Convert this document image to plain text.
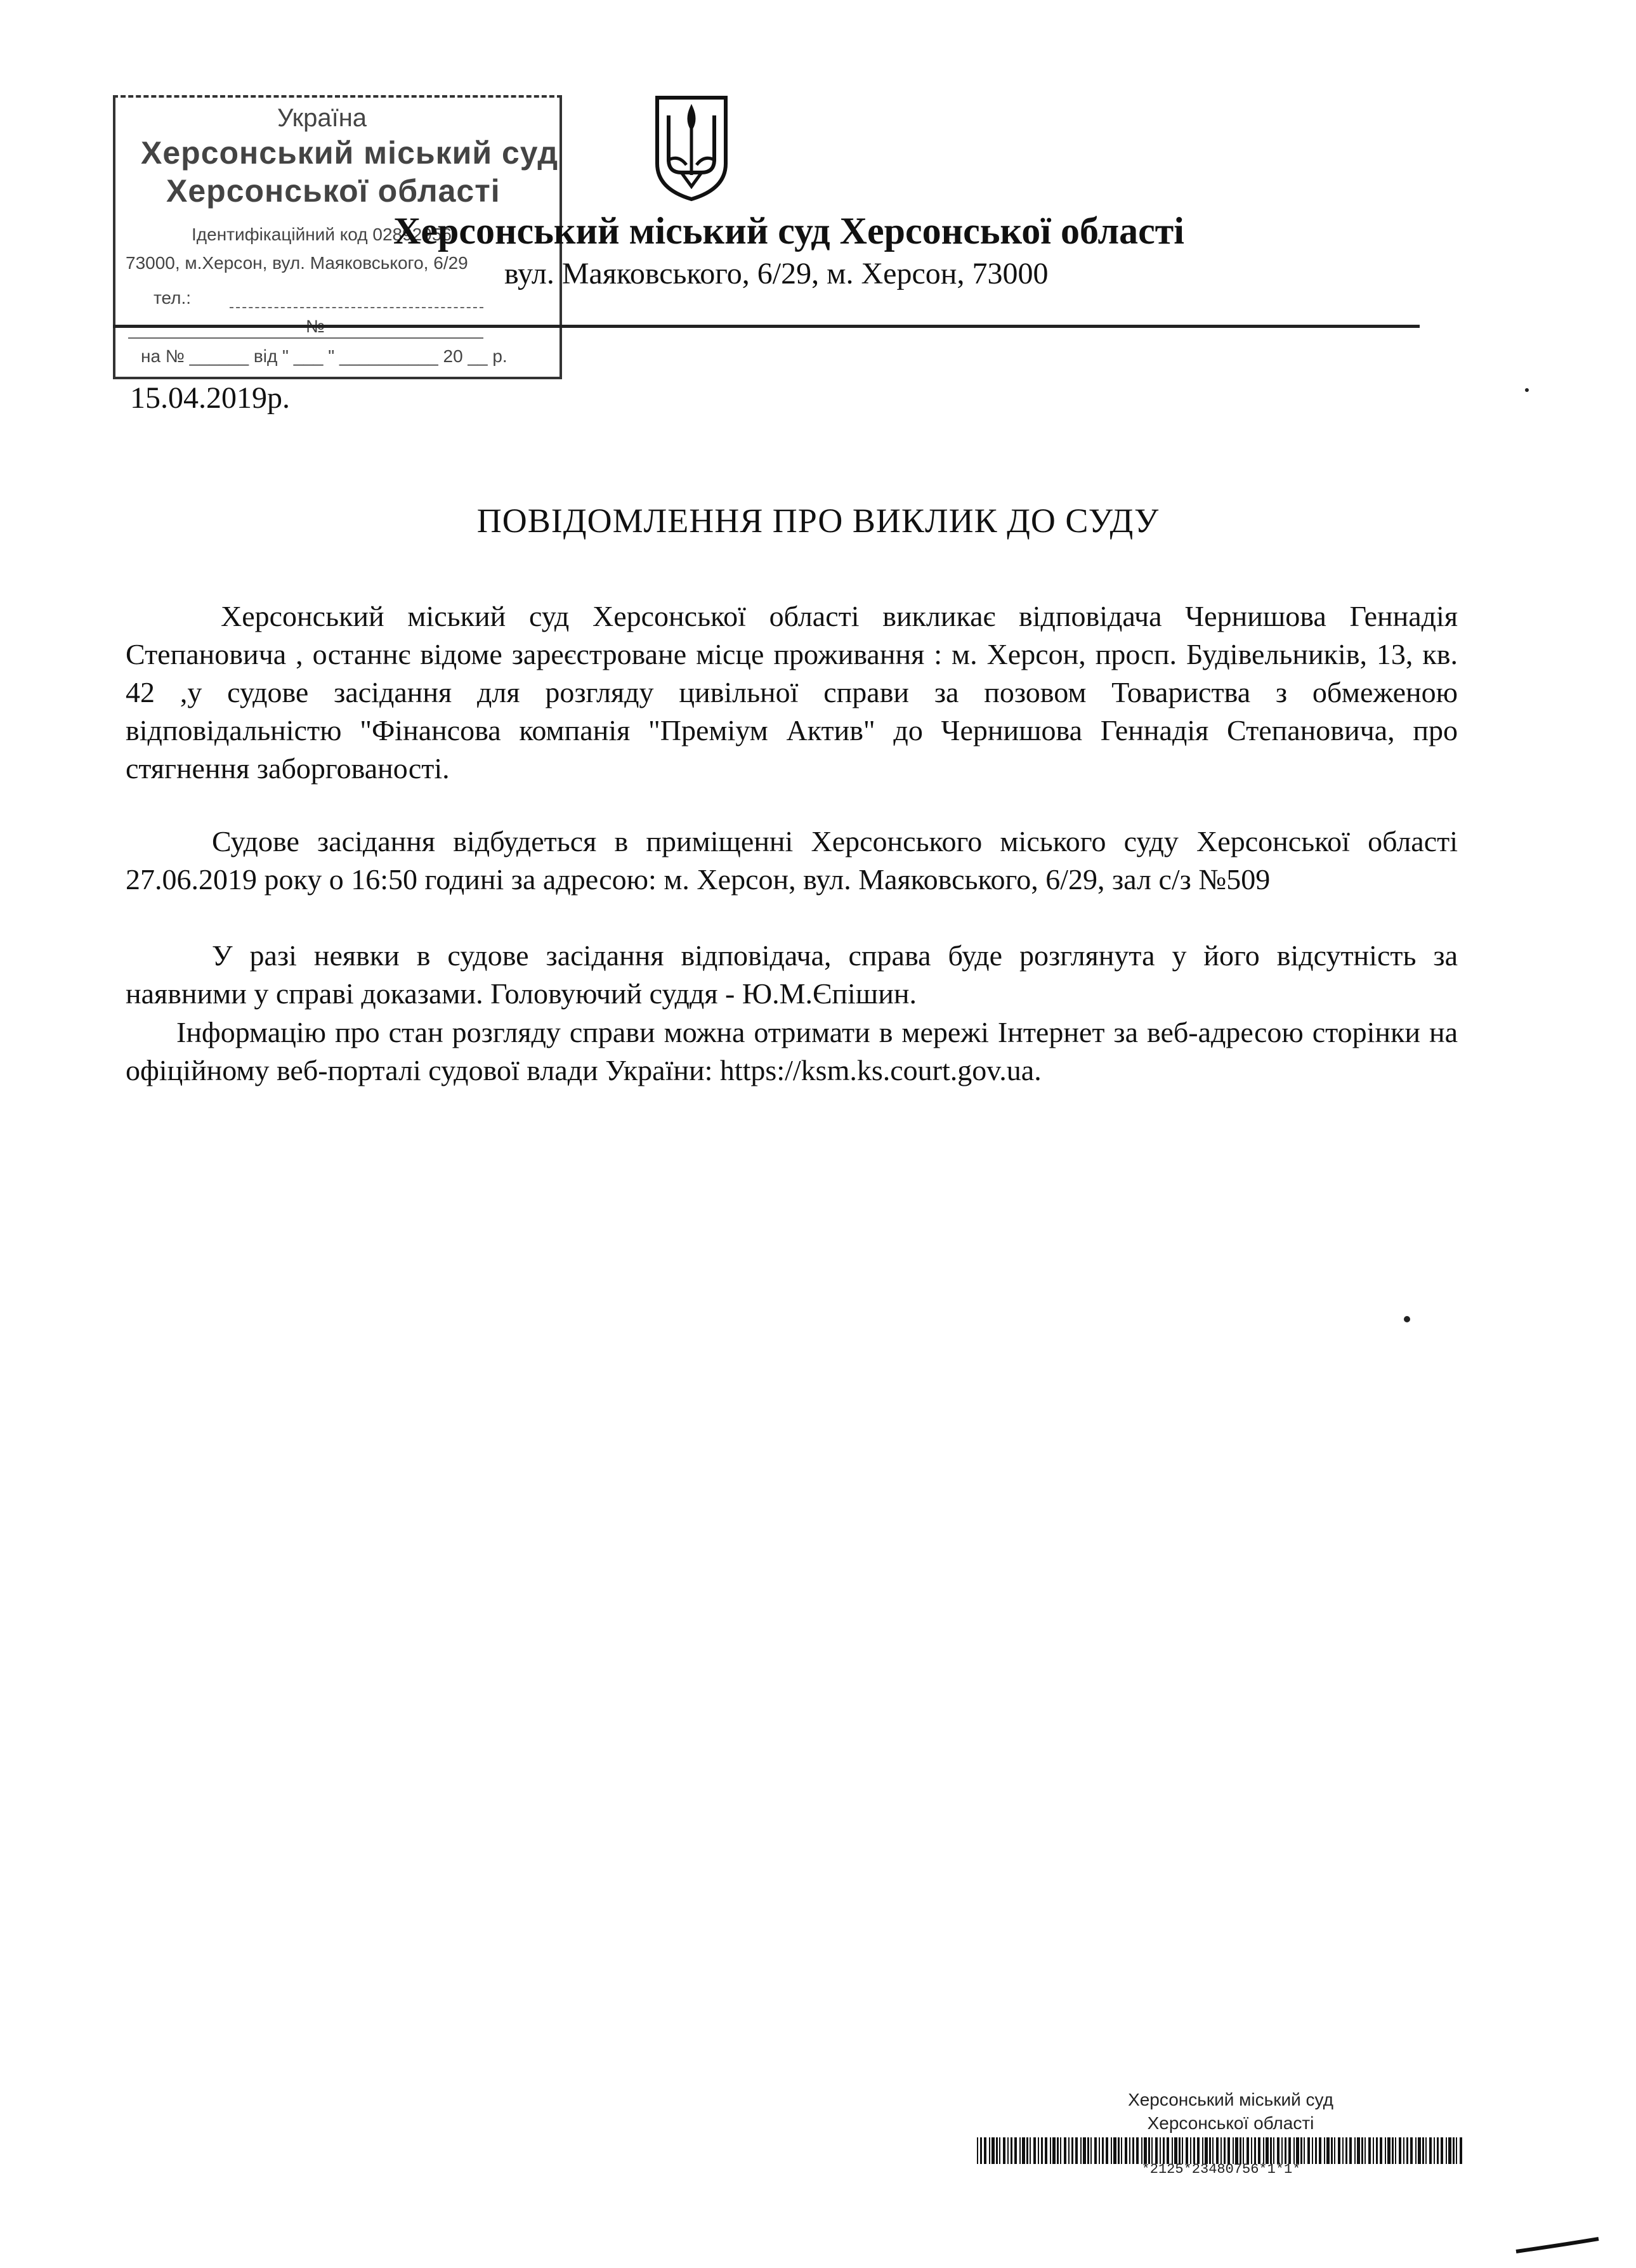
Україна
Херсонський міський суд
Херсонської області
Ідентифікаційний код 02892956
73000, м.Херсон, вул. Маяковського, 6/29
тел.:
№
на № ______ від " ___ " __________ 20 __ р.
Херсонський міський суд Херсонської області
вул. Маяковського, 6/29, м. Херсон, 73000
15.04.2019р.
ПОВІДОМЛЕННЯ ПРО ВИКЛИК ДО СУДУ
Херсонський міський суд Херсонської області викликає відповідача Чернишова Геннадія Степановича , останнє відоме зареєстроване місце проживання : м. Херсон, просп. Будівельників, 13, кв. 42 ,у судове засідання для розгляду цивільної справи за позовом Товариства з обмеженою відповідальністю "Фінансова компанія "Преміум Актив" до Чернишова Геннадія Степановича, про стягнення заборгованості.
Судове засідання відбудеться в приміщенні Херсонського міського суду Херсонської області 27.06.2019 року о 16:50 годині за адресою: м. Херсон, вул. Маяковського, 6/29, зал с/з №509
У разі неявки в судове засідання відповідача, справа буде розглянута у його відсутність за наявними у справі доказами. Головуючий суддя - Ю.М.Єпішин.
Інформацію про стан розгляду справи можна отримати в мережі Інтернет за веб-адресою сторінки на офіційному веб-порталі судової влади України: https://ksm.ks.court.gov.ua.
Херсонський міський суд
Херсонської області
*2125*23480756*1*1*
